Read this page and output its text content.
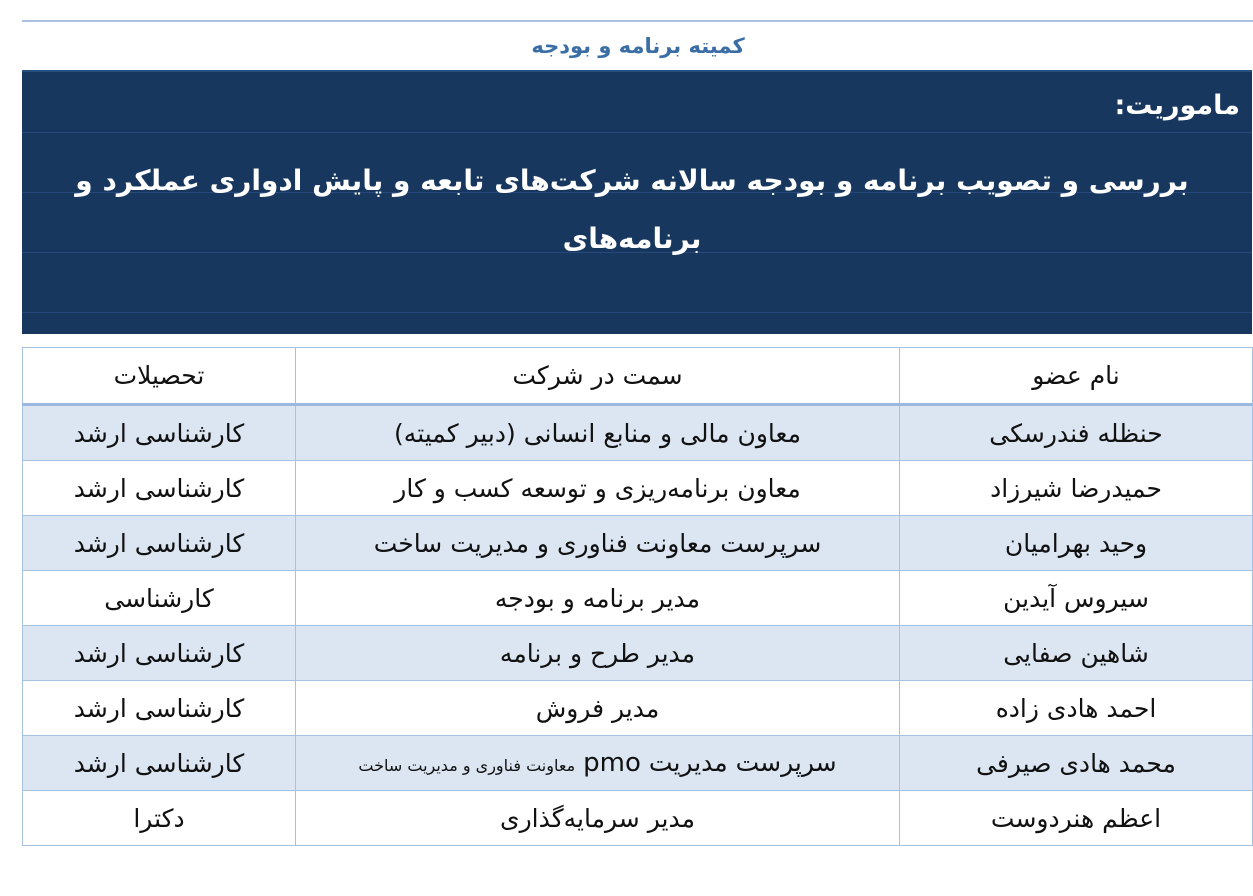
کمیته برنامه و بودجه
ماموریت:
بررسی و تصویب برنامه و بودجه سالانه شرکت‌های تابعه و پایش ادواری عملکرد و برنامه‌های
نام عضو	سمت در شرکت	تحصیلات
حنظله فندرسکی	معاون مالی و منابع انسانی (دبیر کمیته)	کارشناسی ارشد
حمیدرضا شیرزاد	معاون برنامه‌ریزی و توسعه کسب و کار	کارشناسی ارشد
وحید بهرامیان	سرپرست معاونت فناوری و مدیریت ساخت	کارشناسی ارشد
سیروس آیدین	مدیر برنامه و بودجه	کارشناسی
شاهین صفایی	مدیر طرح و برنامه	کارشناسی ارشد
احمد هادی زاده	مدیر فروش	کارشناسی ارشد
محمد هادی صیرفی	سرپرست مدیریتpmoمعاونت فناوری و مدیریت ساخت	کارشناسی ارشد
اعظم هنردوست	مدیر سرمایه‌گذاری	دکترا
